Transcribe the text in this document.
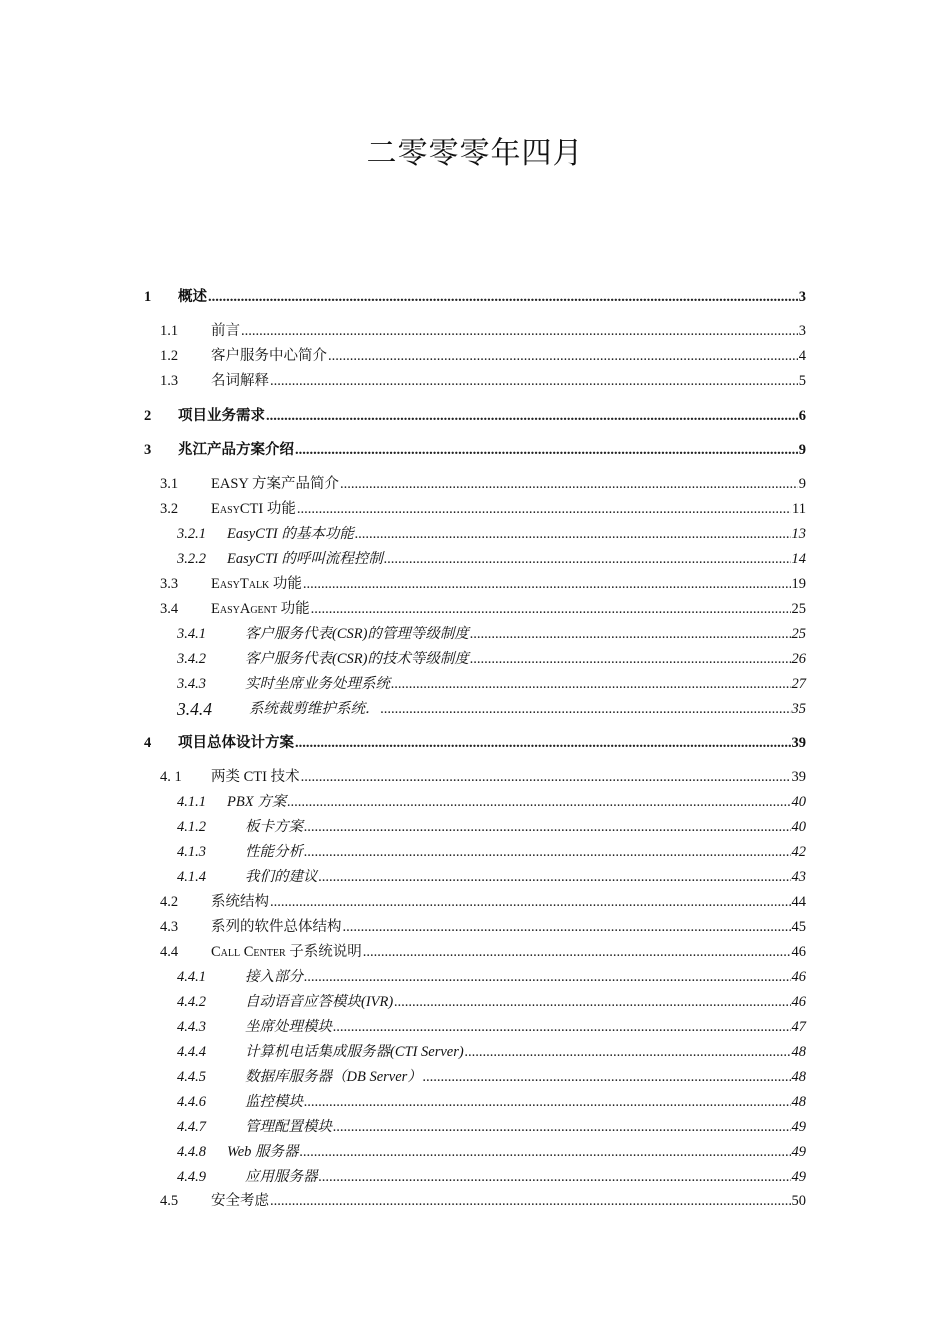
二零零零年四月
1 概述 .....	3
1.1 前言 .....	3
1.2 客户服务中心简介 .....	4
1.3 名词解释 .....	5
2 项目业务需求 .....	6
3 兆江产品方案介绍 .....	9
3.1 EASY 方案产品简介 .....	9
3.2 EasyCTI 功能 .....	11
3.2.1 EasyCTI 的基本功能 .....	13
3.2.2 EasyCTI 的呼叫流程控制 .....	14
3.3 EasyTalk 功能 .....	19
3.4 EasyAgent 功能 .....	25
3.4.1	客户服务代表(CSR)的管理等级制度 .....	25
3.4.2	客户服务代表(CSR)的技术等级制度 .....	26
3.4.3	实时坐席业务处理系统 .....	27
3.4.4	系统裁剪维护系统． .....	35
4 项目总体设计方案 .....	39
4. 1 两类 CTI 技术 .....	39
4.1.1 PBX 方案 .....	40
4.1.2	板卡方案 .....	40
4.1.3	性能分析 .....	42
4.1.4	我们的建议 .....	43
4.2 系统结构 .....	44
4.3 系列的软件总体结构 .....	45
4.4 Call Center 子系统说明 .....	46
4.4.1	接入部分 .....	46
4.4.2	自动语音应答模块(IVR) .....	46
4.4.3	坐席处理模块 .....	47
4.4.4	计算机电话集成服务器(CTI Server) .....	48
4.4.5	数据库服务器（DB Server） .....	48
4.4.6	监控模块 .....	48
4.4.7	管理配置模块 .....	49
4.4.8 Web 服务器 .....	49
4.4.9	应用服务器 .....	49
4.5 安全考虑 .....	50
